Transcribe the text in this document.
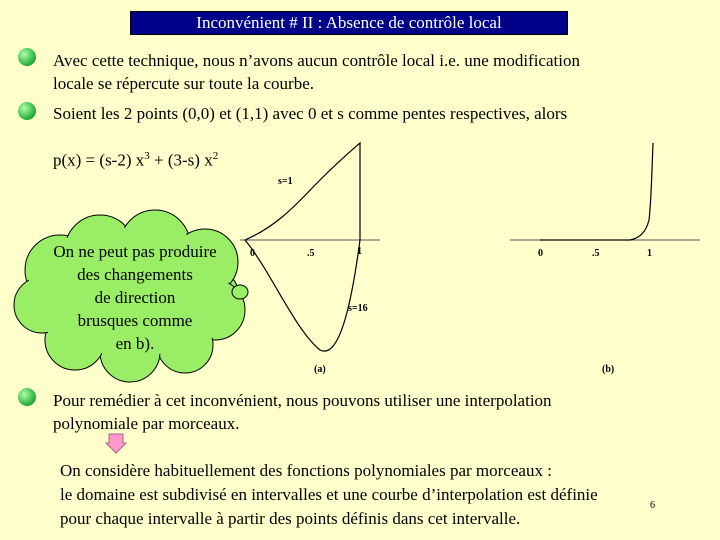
Inconvénient # II : Absence de contrôle local
Avec cette technique, nous n’avons aucun contrôle local i.e. une modification
locale se répercute sur toute la courbe.
Soient les 2 points (0,0) et (1,1) avec 0 et s comme pentes respectives, alors
p(x) = (s-2) $x^3 + (3-s)$ $x^2$
On ne peut pas produire
des changements
de direction
brusques comme
en b).
s=1
s=16
0	.5	1
(a)
0	.5	1
(b)
Pour remédier à cet inconvénient, nous pouvons utiliser une interpolation
polynomiale par morceaux.
On considère habituellement des fonctions polynomiales par morceaux :
le domaine est subdivisé en intervalles et une courbe d’interpolation est définie
pour chaque intervalle à partir des points définis dans cet intervalle.
6
